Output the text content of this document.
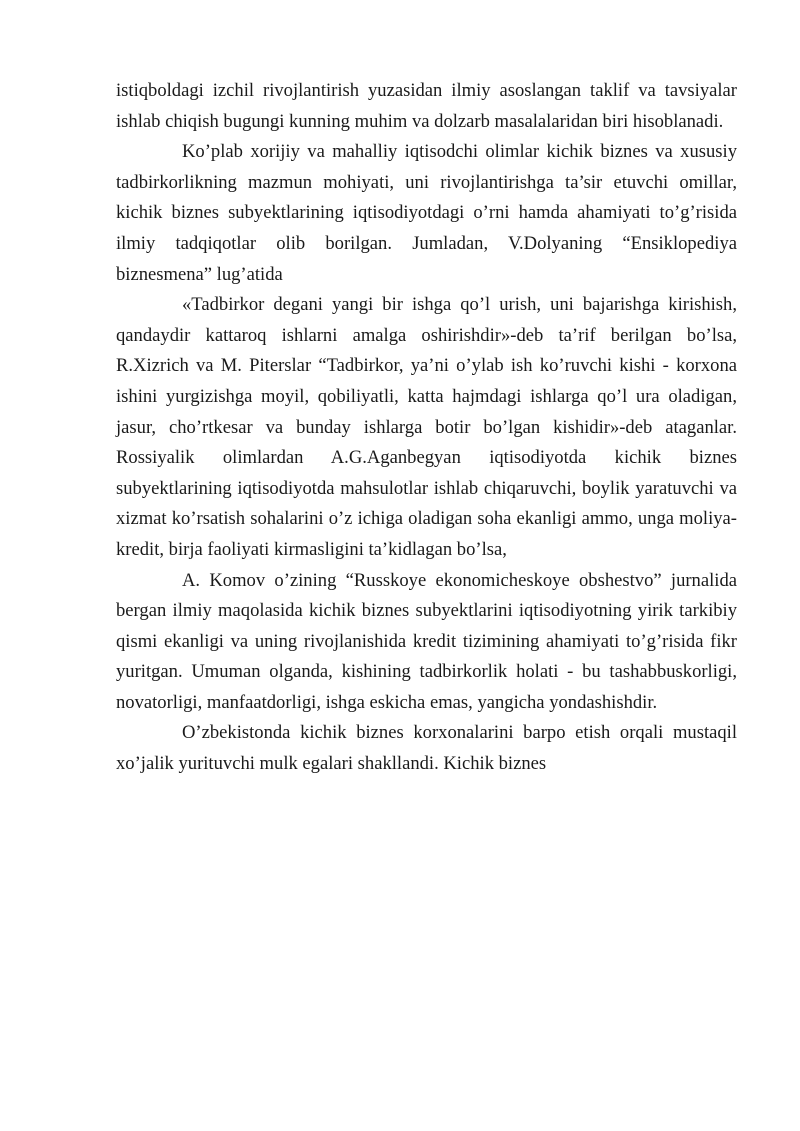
istiqboldagi izchil rivojlantirish yuzasidan ilmiy asoslangan taklif va tavsiyalar ishlab chiqish bugungi kunning muhim va dolzarb masalalaridan biri hisoblanadi.

Ko’plab xorijiy va mahalliy iqtisodchi olimlar kichik biznes va xususiy tadbirkorlikning mazmun mohiyati, uni rivojlantirishga ta’sir etuvchi omillar, kichik biznes subyektlarining iqtisodiyotdagi o’rni hamda ahamiyati to’g’risida ilmiy tadqiqotlar olib borilgan. Jumladan, V.Dolyaning “Ensiklopediya biznesmena” lug’atida

«Tadbirkor degani yangi bir ishga qo’l urish, uni bajarishga kirishish, qandaydir kattaroq ishlarni amalga oshirishdir»-deb ta’rif berilgan bo’lsa, R.Xizrich va M. Piterslar “Tadbirkor, ya’ni o’ylab ish ko’ruvchi kishi - korxona ishini yurgizishga moyil, qobiliyatli, katta hajmdagi ishlarga qo’l ura oladigan, jasur, cho’rtkesar va bunday ishlarga botir bo’lgan kishidir»-deb ataganlar. Rossiyalik olimlardan A.G.Aganbegyan iqtisodiyotda kichik biznes subyektlarining iqtisodiyotda mahsulotlar ishlab chiqaruvchi, boylik yaratuvchi va xizmat ko’rsatish sohalarini o’z ichiga oladigan soha ekanligi ammo, unga moliya-kredit, birja faoliyati kirmasligini ta’kidlagan bo’lsa,

A. Komov o’zining “Russkoye ekonomicheskoye obshestvo” jurnalida bergan ilmiy maqolasida kichik biznes subyektlarini iqtisodiyotning yirik tarkibiy qismi ekanligi va uning rivojlanishida kredit tizimining ahamiyati to’g’risida fikr yuritgan. Umuman olganda, kishining tadbirkorlik holati - bu tashabbuskorligi, novatorligi, manfaatdorligi, ishga eskicha emas, yangicha yondashishdir.

O’zbekistonda kichik biznes korxonalarini barpo etish orqali mustaqil xo’jalik yurituvchi mulk egalari shakllandi. Kichik biznes
